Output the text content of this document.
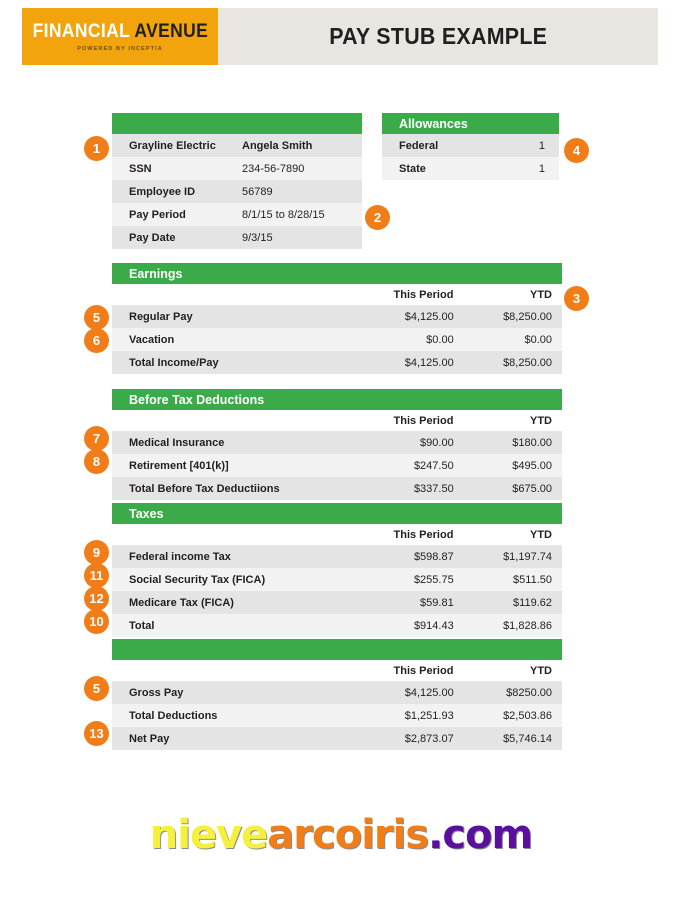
FINANCIAL AVENUE
POWERED BY INCEPTIA	PAY STUB EXAMPLE
Grayline Electric	Angela Smith
SSN	234-56-7890
Employee ID	56789
Pay Period	8/1/15 to 8/28/15
Pay Date	9/3/15
Allowances
Federal	1
State	1
Earnings
This Period	YTD
Regular Pay	$4,125.00	$8,250.00
Vacation	$0.00	$0.00
Total Income/Pay	$4,125.00	$8,250.00
Before Tax Deductions
This Period	YTD
Medical Insurance	$90.00	$180.00
Retirement [401(k)]	$247.50	$495.00
Total Before Tax Deductiions	$337.50	$675.00
Taxes
This Period	YTD
Federal income Tax	$598.87	$1,197.74
Social Security Tax (FICA)	$255.75	$511.50
Medicare Tax (FICA)	$59.81	$119.62
Total	$914.43	$1,828.86
This Period	YTD
Gross Pay	$4,125.00	$8250.00
Total Deductions	$1,251.93	$2,503.86
Net Pay	$2,873.07	$5,746.14
1
2
3
4
5
6
7
8
9
11
12
10
5
13
nievearcoiris.com
